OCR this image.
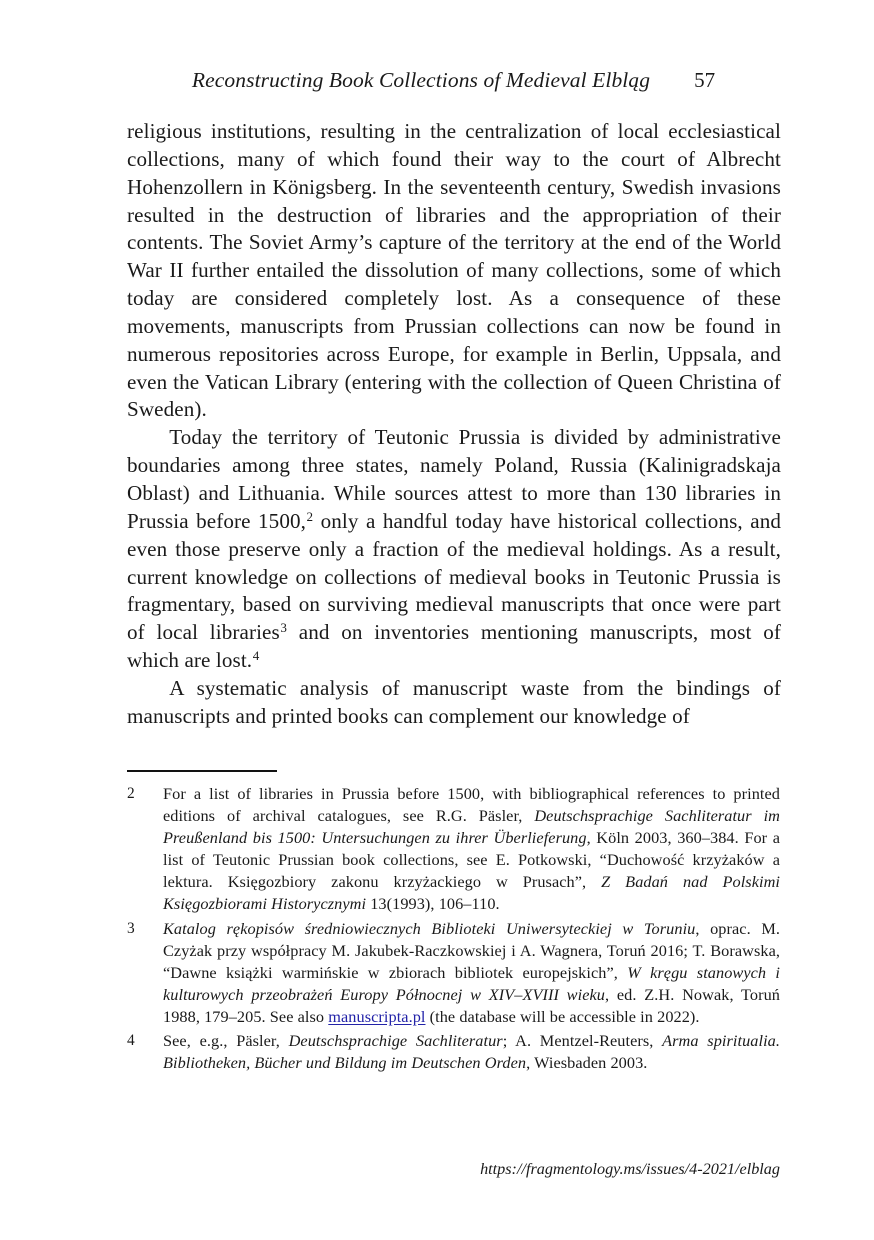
Reconstructing Book Collections of Medieval Elbląg 57

religious institutions, resulting in the centralization of local ecclesiastical collections, many of which found their way to the court of Albrecht Hohenzollern in Königsberg. In the seventeenth century, Swedish invasions resulted in the destruction of libraries and the appropriation of their contents. The Soviet Army’s capture of the territory at the end of the World War II further entailed the dissolution of many collections, some of which today are considered completely lost. As a consequence of these movements, manuscripts from Prussian collections can now be found in numerous repositories across Europe, for example in Berlin, Uppsala, and even the Vatican Library (entering with the collection of Queen Christina of Sweden).

Today the territory of Teutonic Prussia is divided by administrative boundaries among three states, namely Poland, Russia (Kalinigradskaja Oblast) and Lithuania. While sources attest to more than 130 libraries in Prussia before 1500,$^2$ only a handful today have historical collections, and even those preserve only a fraction of the medieval holdings. As a result, current knowledge on collections of medieval books in Teutonic Prussia is fragmentary, based on surviving medieval manuscripts that once were part of local libraries$^3$ and on inventories mentioning manuscripts, most of which are lost.$^4$

A systematic analysis of manuscript waste from the bindings of manuscripts and printed books can complement our knowledge of

2	For a list of libraries in Prussia before 1500, with bibliographical references to printed editions of archival catalogues, see R.G. Päsler, Deutschsprachige Sachliteratur im Preußenland bis 1500: Untersuchungen zu ihrer Überlieferung, Köln 2003, 360–384. For a list of Teutonic Prussian book collections, see E. Potkowski, “Duchowość krzyżaków a lektura. Księgozbiory zakonu krzyżackiego w Prusach”, Z Badań nad Polskimi Księgozbiorami Historycznymi 13(1993), 106–110.
3	Katalog rękopisów średniowiecznych Biblioteki Uniwersyteckiej w Toruniu, oprac. M. Czyżak przy współpracy M. Jakubek-Raczkowskiej i A. Wagnera, Toruń 2016; T. Borawska, “Dawne książki warmińskie w zbiorach bibliotek europejskich”, W kręgu stanowych i kulturowych przeobrażeń Europy Północnej w XIV–XVIII wieku, ed. Z.H. Nowak, Toruń 1988, 179–205. See also manuscripta.pl (the database will be accessible in 2022).
4	See, e.g., Päsler, Deutschsprachige Sachliteratur; A. Mentzel-Reuters, Arma spiritualia. Bibliotheken, Bücher und Bildung im Deutschen Orden, Wiesbaden 2003.
https://fragmentology.ms/issues/4-2021/elblag
